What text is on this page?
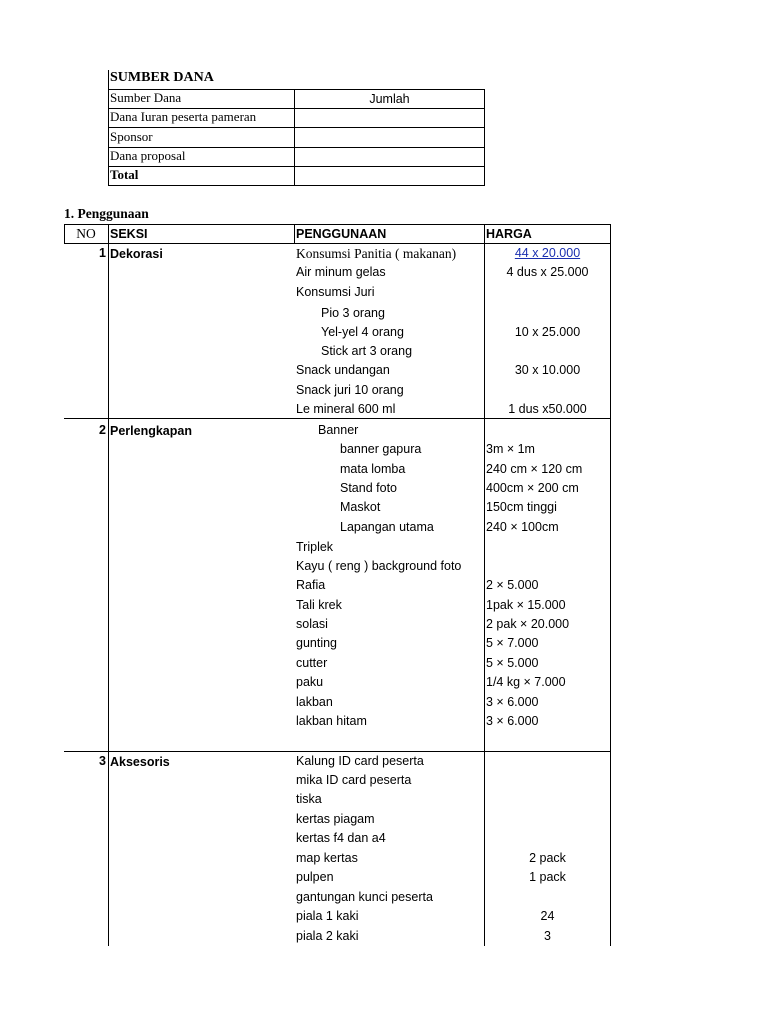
SUMBER DANA
Sumber Dana	Jumlah
Dana Iuran peserta pameran
Sponsor
Dana proposal
Total
1. Penggunaan
NO	SEKSI	PENGGUNAAN	HARGA
1 Dekorasi	Konsumsi Panitia ( makanan)	44 x 20.000
Air minum gelas	4 dus x 25.000
Konsumsi Juri
Pio 3 orang
Yel-yel 4 orang	10 x 25.000
Stick art 3 orang
Snack undangan	30 x 10.000
Snack juri 10 orang
Le mineral 600 ml	1 dus x50.000
2 Perlengkapan	Banner
banner gapura	3m × 1m
mata lomba	240 cm × 120 cm
Stand foto	400cm × 200 cm
Maskot	150cm tinggi
Lapangan utama	240 × 100cm
Triplek
Kayu ( reng ) background foto
Rafia	2 × 5.000
Tali krek	1pak × 15.000
solasi	2 pak × 20.000
gunting	5 × 7.000
cutter	5 × 5.000
paku	1/4 kg × 7.000
lakban	3 × 6.000
lakban hitam	3 × 6.000
3 Aksesoris	Kalung ID card peserta
mika ID card peserta
tiska
kertas piagam
kertas f4 dan a4
map kertas	2 pack
pulpen	1 pack
gantungan kunci peserta
piala 1 kaki	24
piala 2 kaki	3
